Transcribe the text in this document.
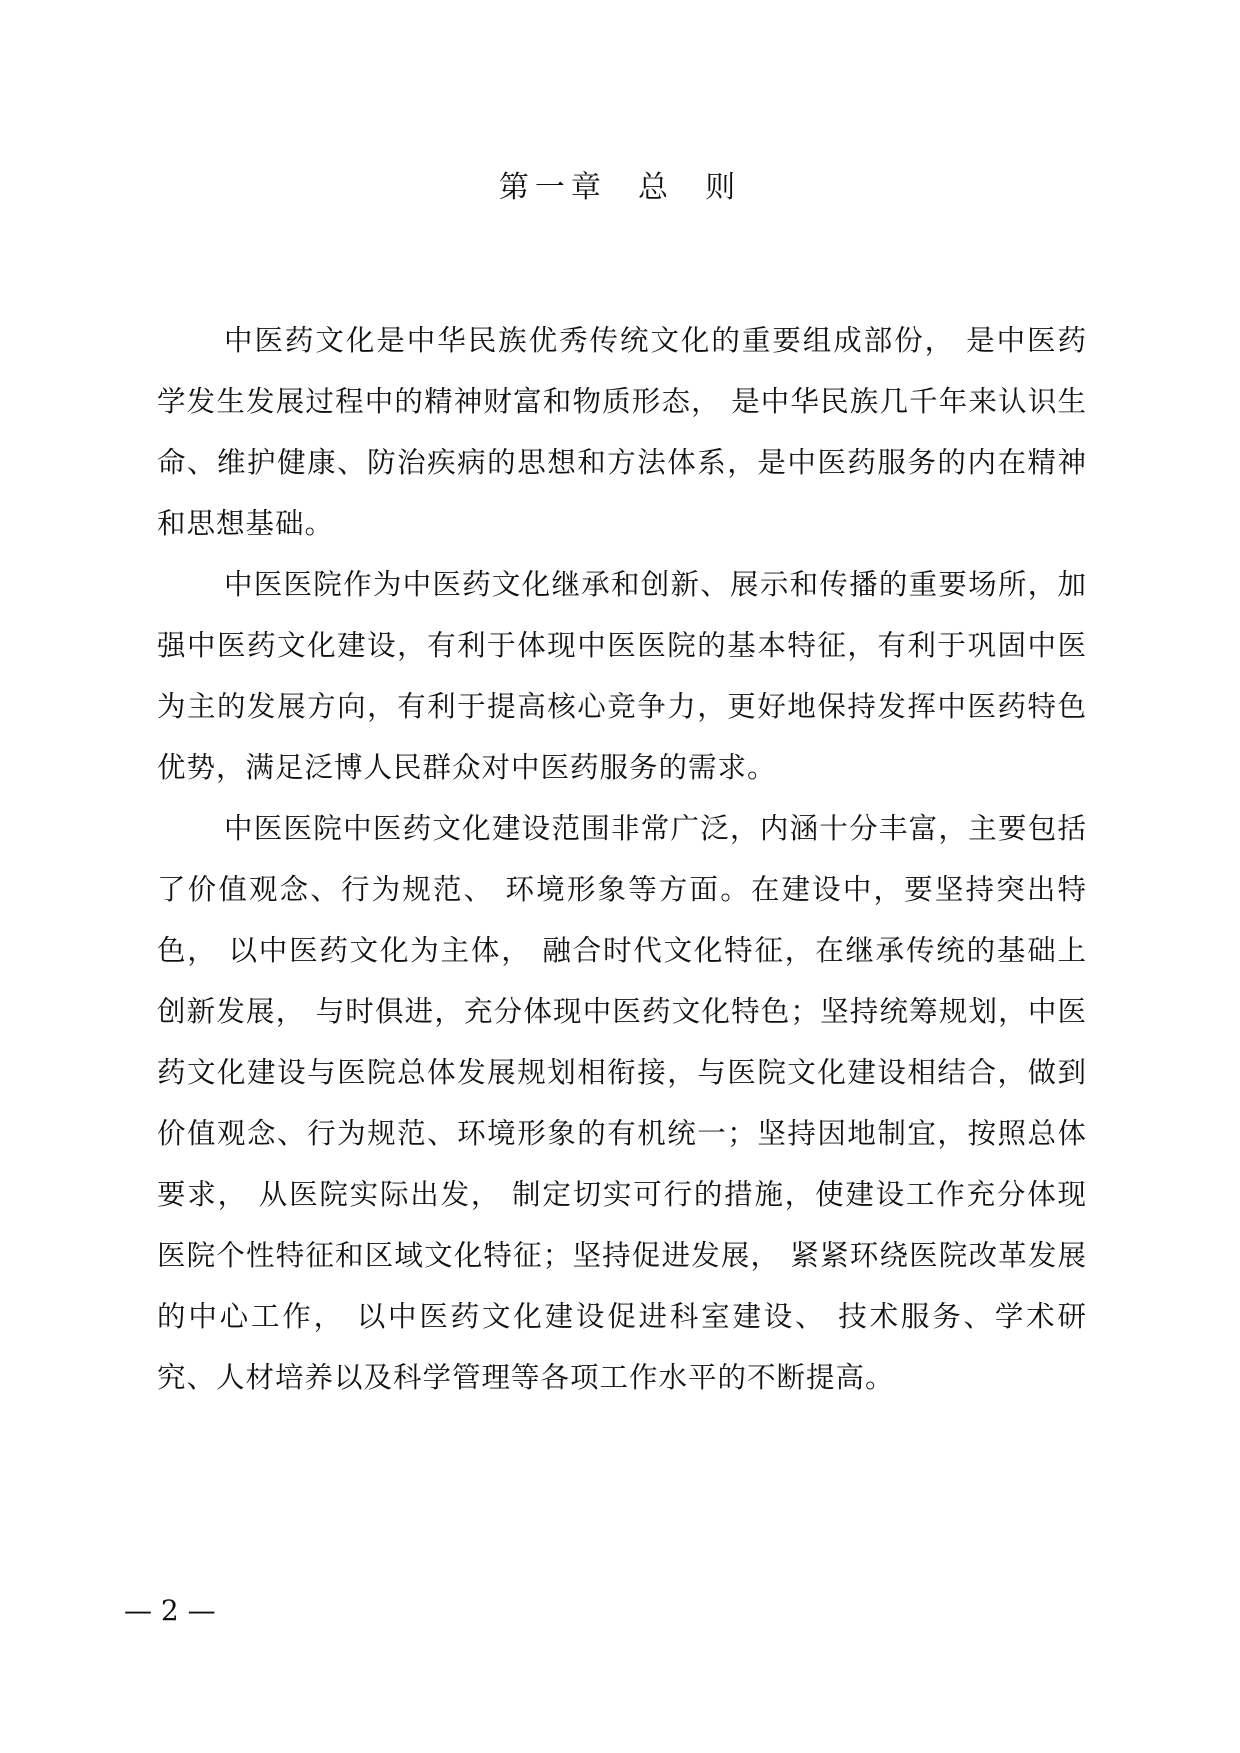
第一章  总  则

中医药文化是中华民族优秀传统文化的重要组成部份， 是中医药学发生发展过程中的精神财富和物质形态， 是中华民族几千年来认识生命、维护健康、防治疾病的思想和方法体系，是中医药服务的内在精神和思想基础。

中医医院作为中医药文化继承和创新、展示和传播的重要场所，加强中医药文化建设，有利于体现中医医院的基本特征，有利于巩固中医为主的发展方向，有利于提高核心竞争力，更好地保持发挥中医药特色优势，满足泛博人民群众对中医药服务的需求。

中医医院中医药文化建设范围非常广泛，内涵十分丰富，主要包括了价值观念、行为规范、 环境形象等方面。在建设中，要坚持突出特色， 以中医药文化为主体， 融合时代文化特征，在继承传统的基础上创新发展， 与时俱进，充分体现中医药文化特色；坚持统筹规划，中医药文化建设与医院总体发展规划相衔接，与医院文化建设相结合，做到价值观念、行为规范、环境形象的有机统一；坚持因地制宜，按照总体要求， 从医院实际出发， 制定切实可行的措施，使建设工作充分体现医院个性特征和区域文化特征；坚持促进发展， 紧紧环绕医院改革发展的中心工作， 以中医药文化建设促进科室建设、 技术服务、学术研究、人材培养以及科学管理等各项工作水平的不断提高。

— 2 —
